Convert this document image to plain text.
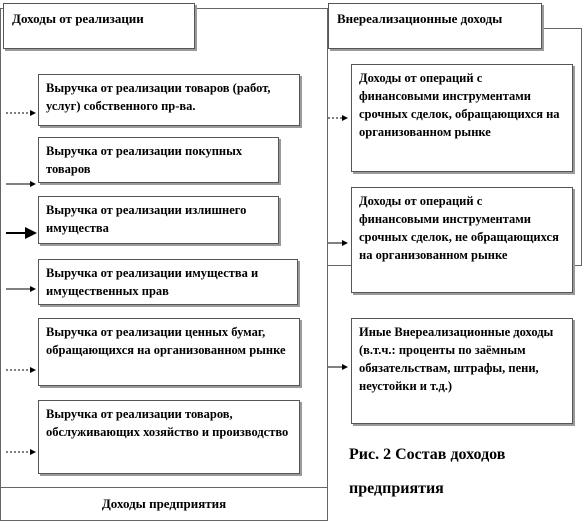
Доходы от реализации	Внереализационные доходы
Выручка от реализации товаров (работ, услуг) собственного пр-ва.
Выручка от реализации покупных товаров
Выручка от реализации излишнего имущества
Выручка от реализации имущества и имущественных прав
Выручка от реализации ценных бумаг, обращающихся на организованном рынке
Выручка от реализации товаров, обслуживающих хозяйство и производство
Доходы от операций с финансовыми инструментами срочных сделок, обращающихся на организованном рынке
Доходы от операций с финансовыми инструментами срочных сделок, не обращающихся на организованном рынке
Иные Внереализационные доходы (в.т.ч.: проценты по заёмным обязательствам, штрафы, пени, неустойки и т.д.)
Доходы предприятия
Рис. 2 Состав доходов
предприятия
